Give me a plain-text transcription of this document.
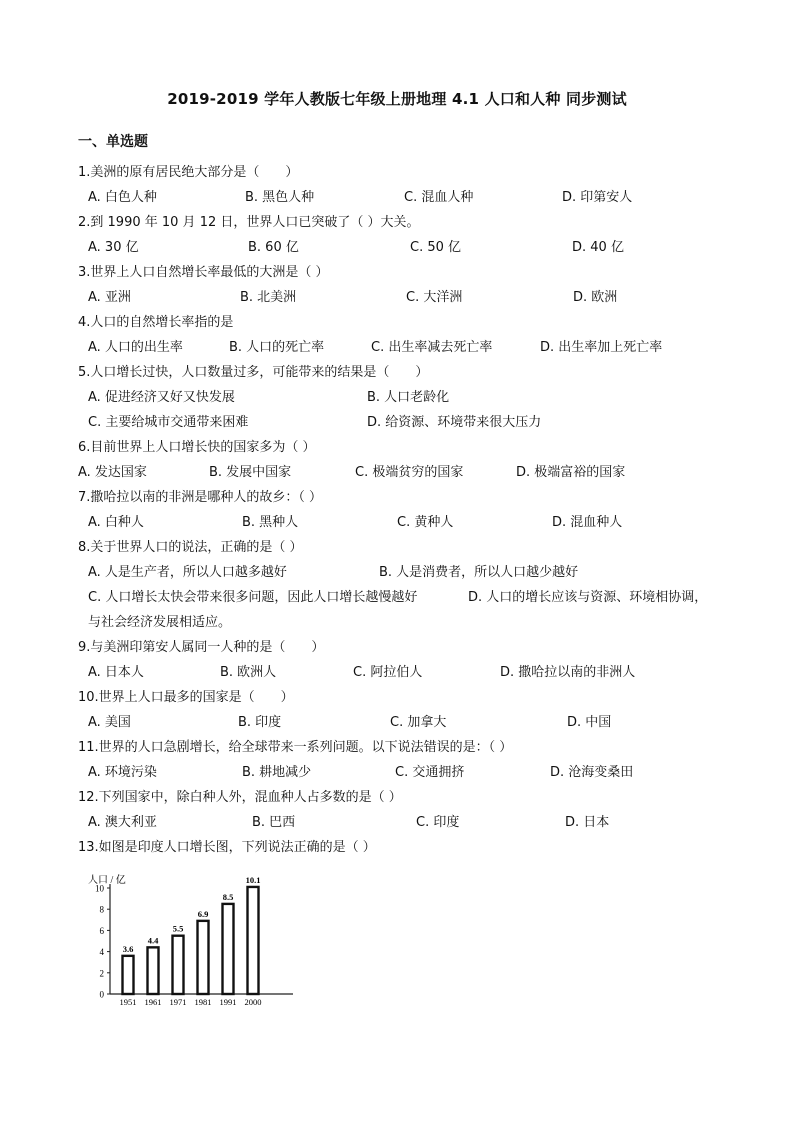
2019-2019 学年人教版七年级上册地理 4.1 人口和人种 同步测试
一、单选题
1.美洲的原有居民绝大部分是（　　）
A. 白色人种	B. 黑色人种	C. 混血人种	D. 印第安人
2.到 1990 年 10 月 12 日，世界人口已突破了（ ）大关。
A. 30 亿	B. 60 亿	C. 50 亿	D. 40 亿
3.世界上人口自然增长率最低的大洲是（ ）
A. 亚洲	B. 北美洲	C. 大洋洲	D. 欧洲
4.人口的自然增长率指的是
A. 人口的出生率	B. 人口的死亡率	C. 出生率减去死亡率	D. 出生率加上死亡率
5.人口增长过快，人口数量过多，可能带来的结果是（　　）
A. 促进经济又好又快发展	B. 人口老龄化
C. 主要给城市交通带来困难	D. 给资源、环境带来很大压力
6.目前世界上人口增长快的国家多为（ ）
A. 发达国家	B. 发展中国家	C. 极端贫穷的国家	D. 极端富裕的国家
7.撒哈拉以南的非洲是哪种人的故乡：（ ）
A. 白种人	B. 黑种人	C. 黄种人	D. 混血种人
8.关于世界人口的说法，正确的是（ ）
A. 人是生产者，所以人口越多越好	B. 人是消费者，所以人口越少越好
C. 人口增长太快会带来很多问题，因此人口增长越慢越好	D. 人口的增长应该与资源、环境相协调，
与社会经济发展相适应。
9.与美洲印第安人属同一人种的是（　　）
A. 日本人	B. 欧洲人	C. 阿拉伯人	D. 撒哈拉以南的非洲人
10.世界上人口最多的国家是（　　）
A. 美国	B. 印度	C. 加拿大	D. 中国
11.世界的人口急剧增长，给全球带来一系列问题。以下说法错误的是：（ ）
A. 环境污染	B. 耕地减少	C. 交通拥挤	D. 沧海变桑田
12.下列国家中，除白种人外，混血种人占多数的是（ ）
A. 澳大利亚	B. 巴西	C. 印度	D. 日本
13.如图是印度人口增长图，下列说法正确的是（ ）
人口 / 亿
0
2
4
6
8
10
3.6
1951
4.4
1961
5.5
1971
6.9
1981
8.5
1991
10.1
2000
